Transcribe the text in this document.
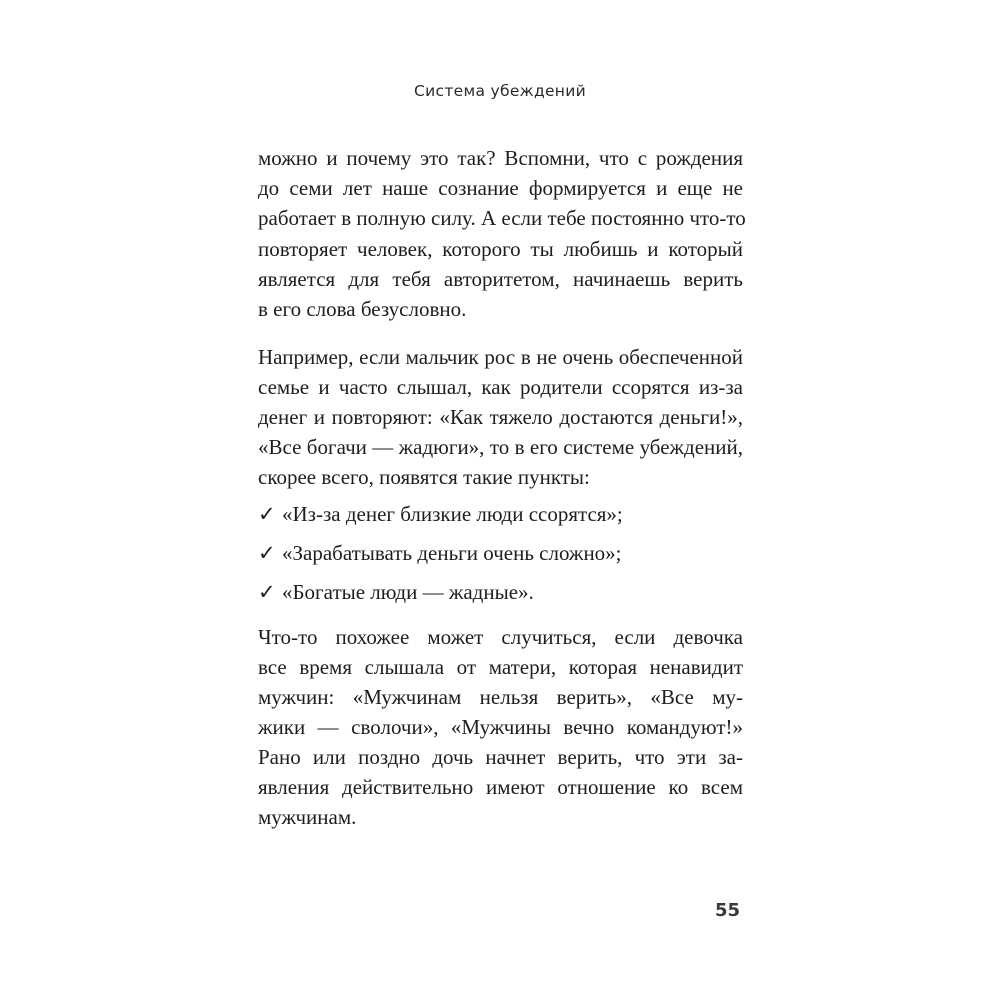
Система убеждений
можно и почему это так? Вспомни, что с рождения
до семи лет наше сознание формируется и еще не
работает в полную силу. А если тебе постоянно что-то
повторяет человек, которого ты любишь и который
является для тебя авторитетом, начинаешь верить
в его слова безусловно.
Например, если мальчик рос в не очень обеспеченной
семье и часто слышал, как родители ссорятся из-за
денег и повторяют: «Как тяжело достаются деньги!»,
«Все богачи — жадюги», то в его системе убеждений,
скорее всего, появятся такие пункты:
✓ «Из-за денег близкие люди ссорятся»;
✓ «Зарабатывать деньги очень сложно»;
✓ «Богатые люди — жадные».
Что-то похожее может случиться, если девочка
все время слышала от матери, которая ненавидит
мужчин: «Мужчинам нельзя верить», «Все му-
жики — сволочи», «Мужчины вечно командуют!»
Рано или поздно дочь начнет верить, что эти за-
явления действительно имеют отношение ко всем
мужчинам.
55
